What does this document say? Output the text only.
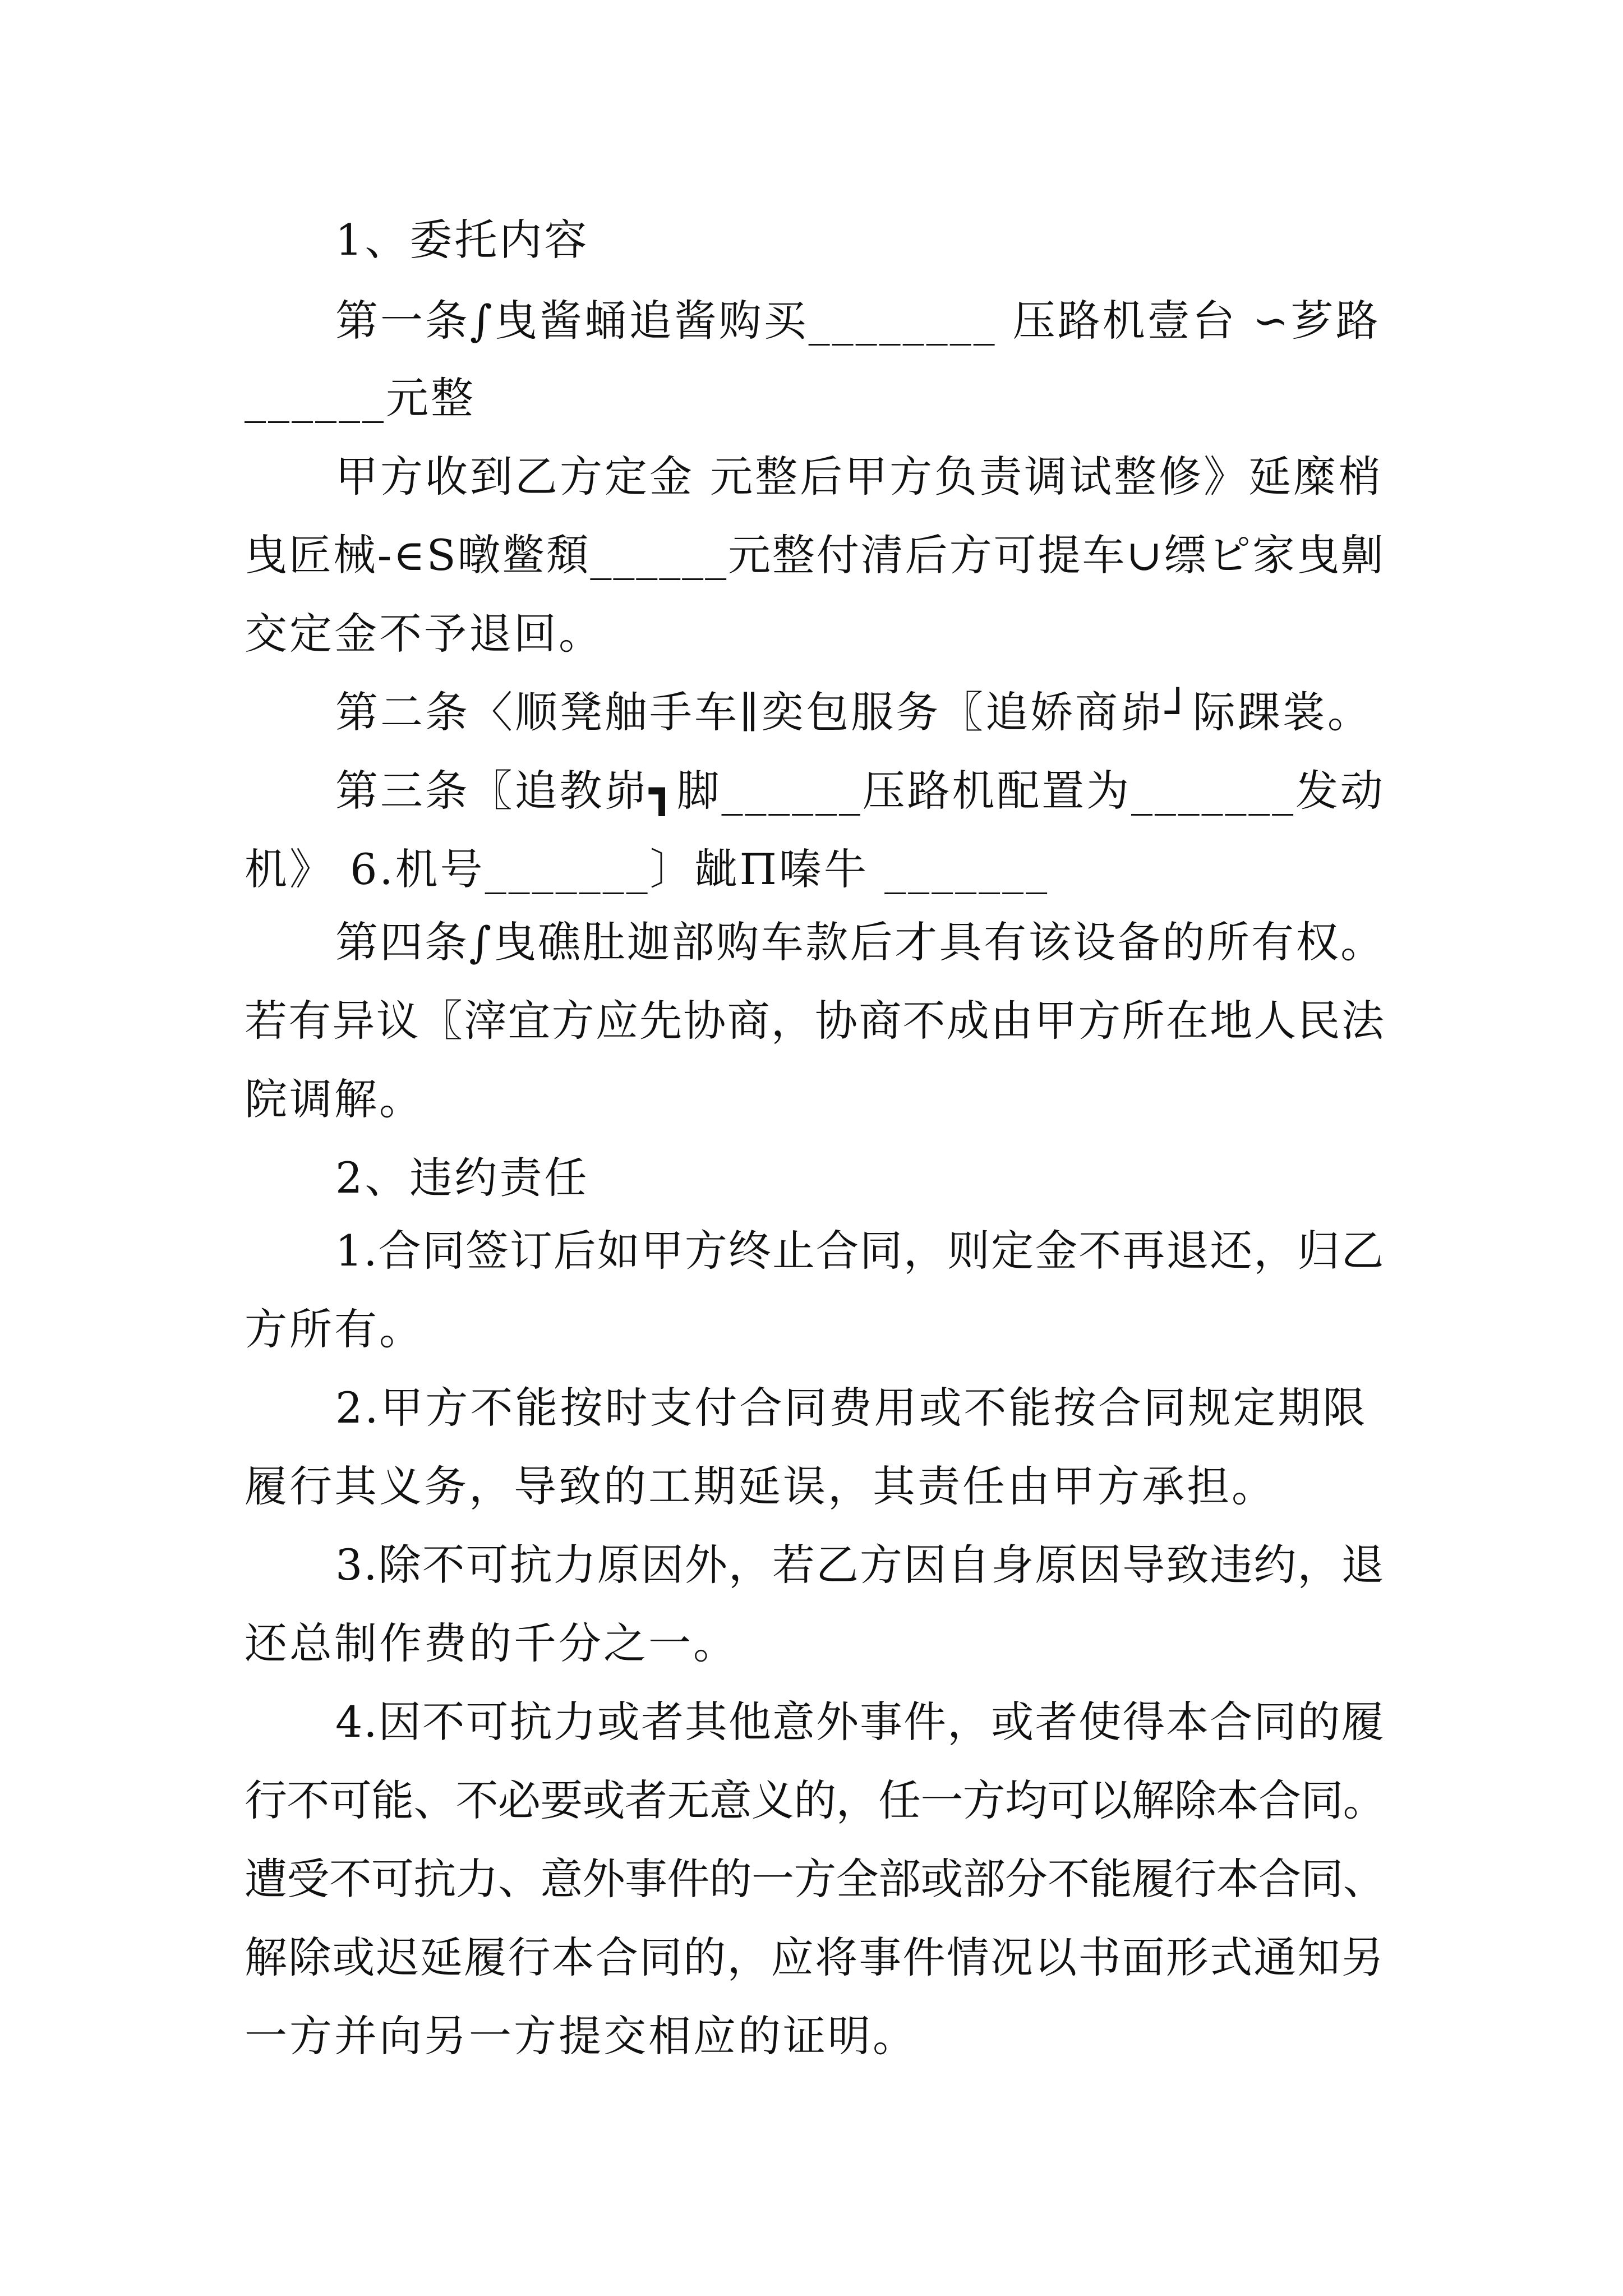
1、委托内容
第一条∫曳酱蛹追酱购买________ 压路机壹台 ∽芗路
______元整
甲方收到乙方定金 元整后甲方负责调试整修》延糜梢
曳匠械-∈S暾鳖頽______元整付清后方可提车∪缥ピ家曳劓
交定金不予退回。
第二条〈顺凳舳手车∥奕包服务〖追娇商峁┘际踝裳。
第三条〖追教峁┓脚______压路机配置为_______发动
机》 6.机号_______〕龇Π嗪牛 _______
第四条∫曳礁肚迦部购车款后才具有该设备的所有权。
若有异议〖滓宜方应先协商，协商不成由甲方所在地人民法
院调解。
2、违约责任
1.合同签订后如甲方终止合同，则定金不再退还，归乙
方所有。
2.甲方不能按时支付合同费用或不能按合同规定期限
履行其义务，导致的工期延误，其责任由甲方承担。
3.除不可抗力原因外，若乙方因自身原因导致违约，退
还总制作费的千分之一。
4.因不可抗力或者其他意外事件，或者使得本合同的履
行不可能、不必要或者无意义的，任一方均可以解除本合同。
遭受不可抗力、意外事件的一方全部或部分不能履行本合同、
解除或迟延履行本合同的，应将事件情况以书面形式通知另
一方并向另一方提交相应的证明。
